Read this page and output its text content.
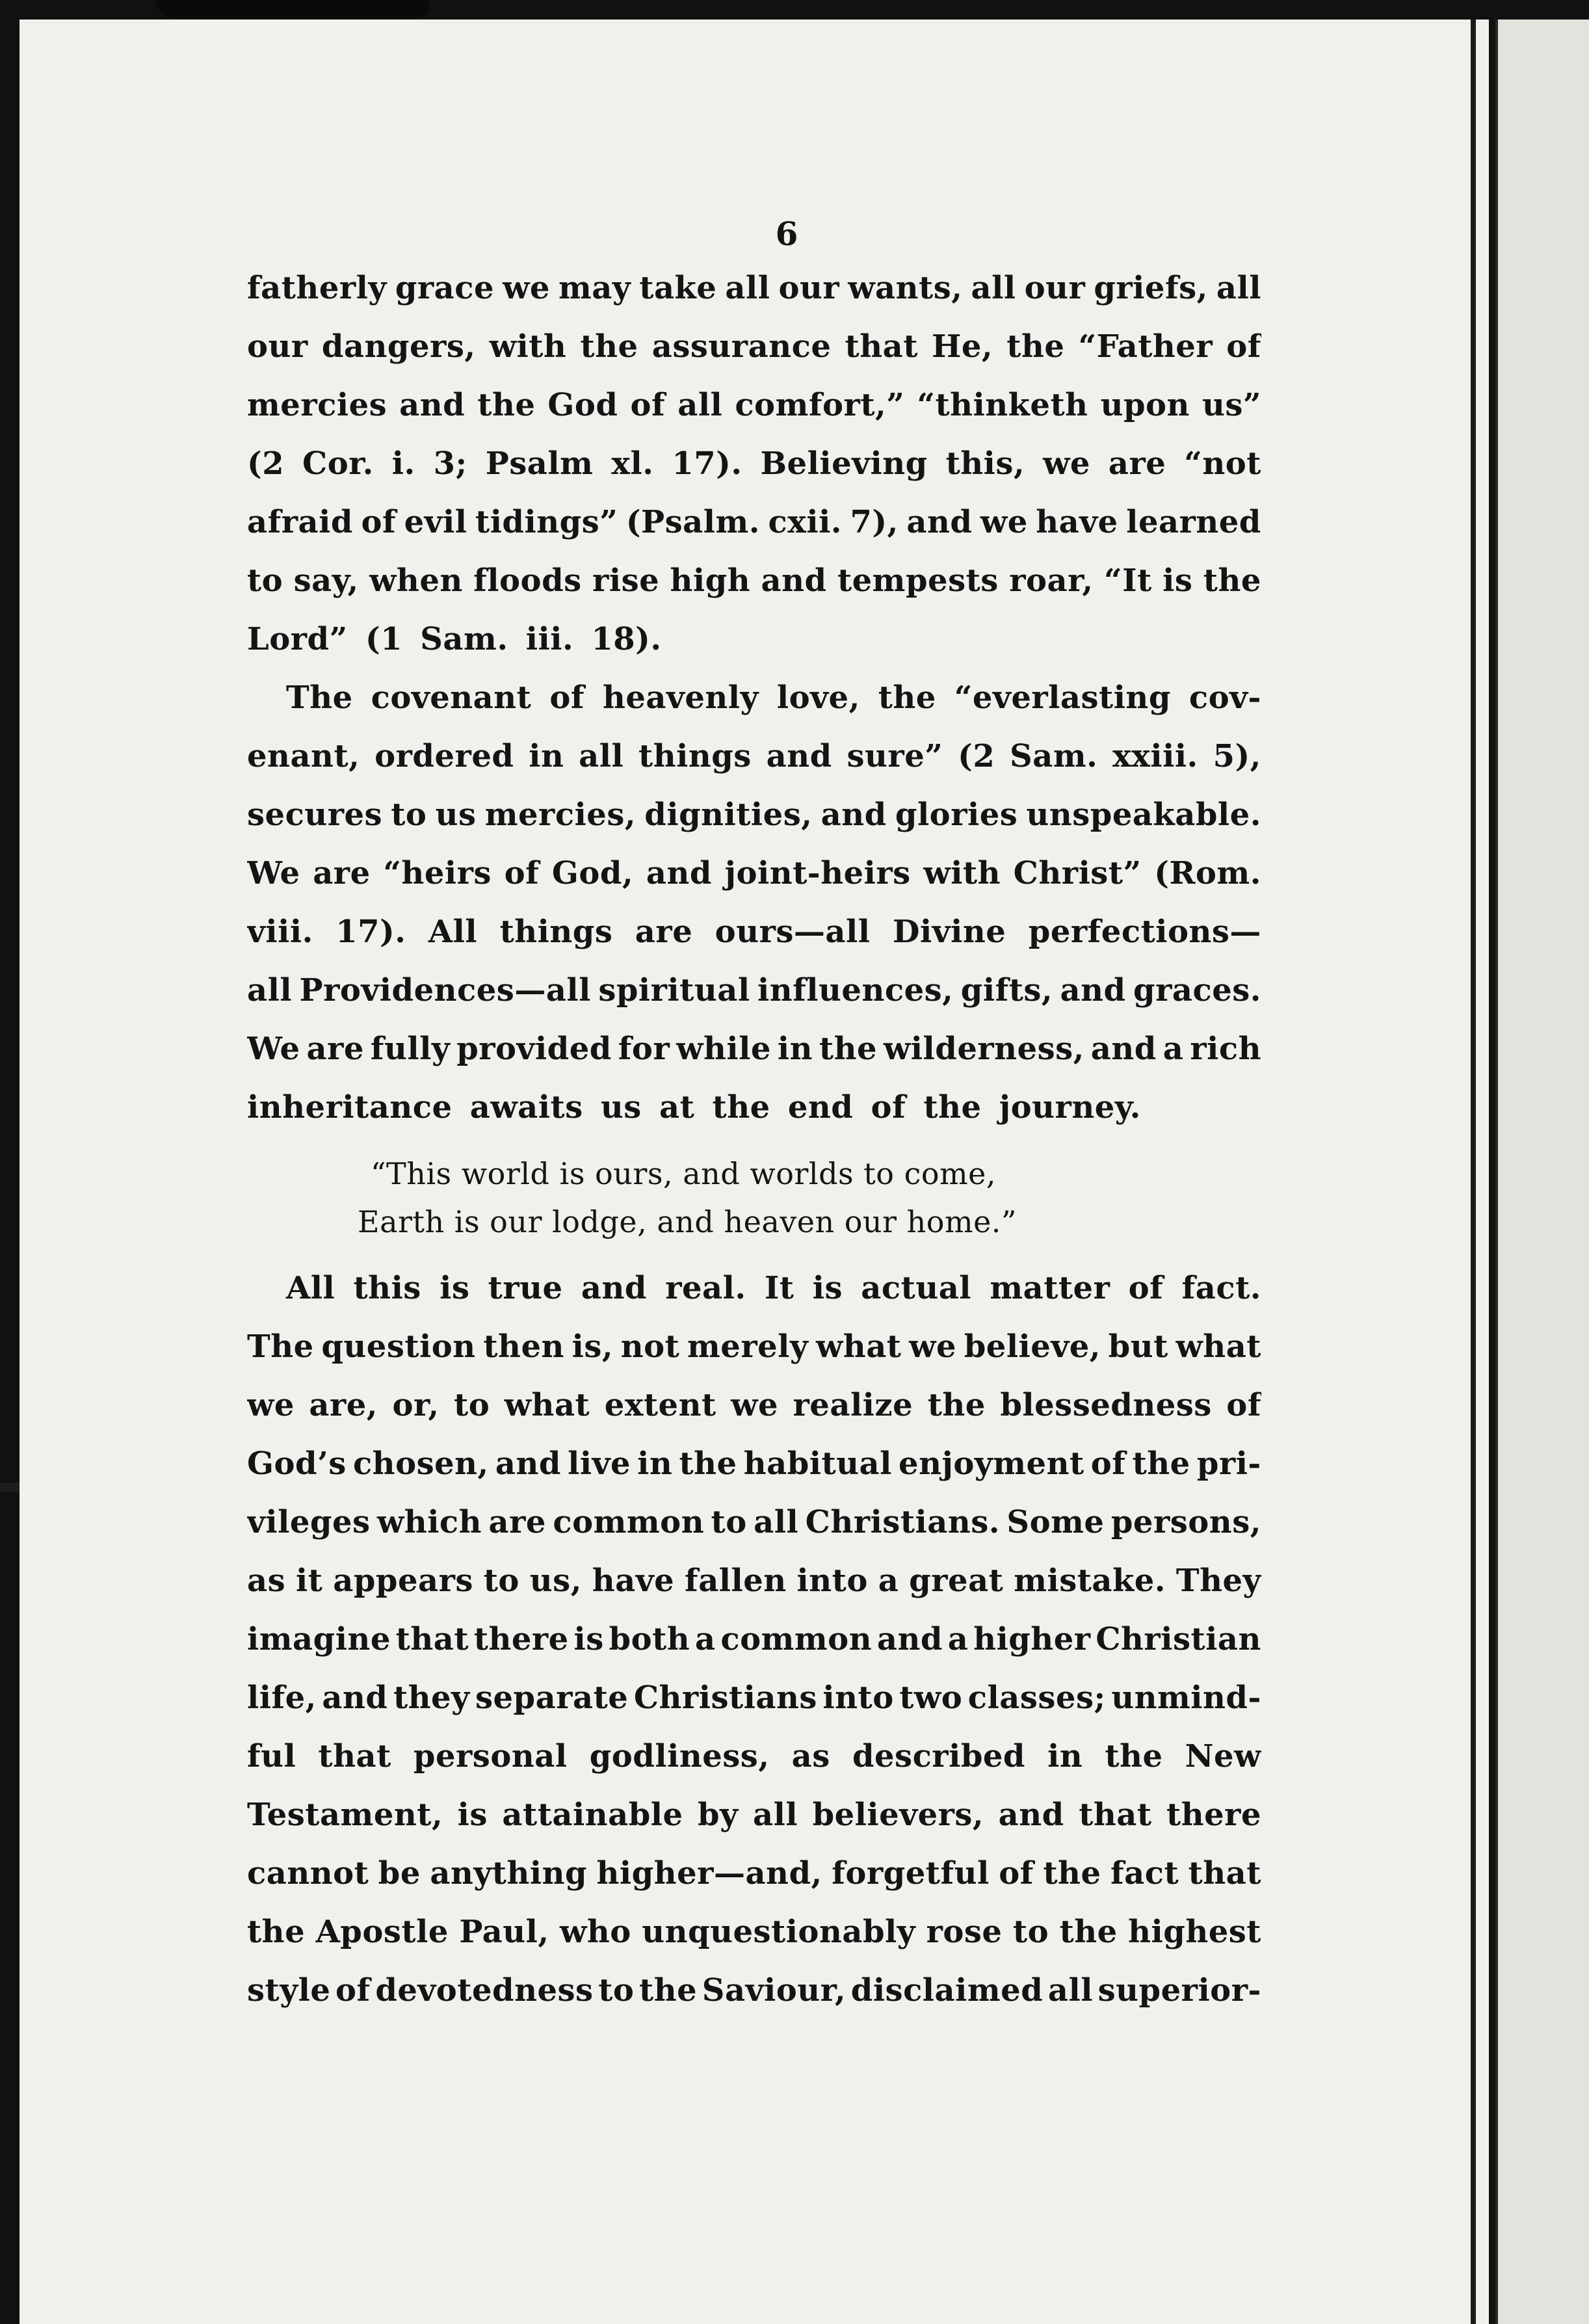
6
fatherly grace we may take all our wants, all our griefs, all
our dangers, with the assurance that He, the “Father of
mercies and the God of all comfort,” “thinketh upon us”
(2 Cor. i. 3; Psalm xl. 17). Believing this, we are “not
afraid of evil tidings” (Psalm. cxii. 7), and we have learned
to say, when floods rise high and tempests roar, “It is the
Lord” (1 Sam. iii. 18).
The covenant of heavenly love, the “everlasting cov-
enant, ordered in all things and sure” (2 Sam. xxiii. 5),
secures to us mercies, dignities, and glories unspeakable.
We are “heirs of God, and joint-heirs with Christ” (Rom.
viii. 17). All things are ours—all Divine perfections—
all Providences—all spiritual influences, gifts, and graces.
We are fully provided for while in the wilderness, and a rich
inheritance awaits us at the end of the journey.
“This world is ours, and worlds to come,
Earth is our lodge, and heaven our home.”
All this is true and real. It is actual matter of fact.
The question then is, not merely what we believe, but what
we are, or, to what extent we realize the blessedness of
God’s chosen, and live in the habitual enjoyment of the pri-
vileges which are common to all Christians. Some persons,
as it appears to us, have fallen into a great mistake. They
imagine that there is both a common and a higher Christian
life, and they separate Christians into two classes; unmind-
ful that personal godliness, as described in the New
Testament, is attainable by all believers, and that there
cannot be anything higher—and, forgetful of the fact that
the Apostle Paul, who unquestionably rose to the highest
style of devotedness to the Saviour, disclaimed all superior-
